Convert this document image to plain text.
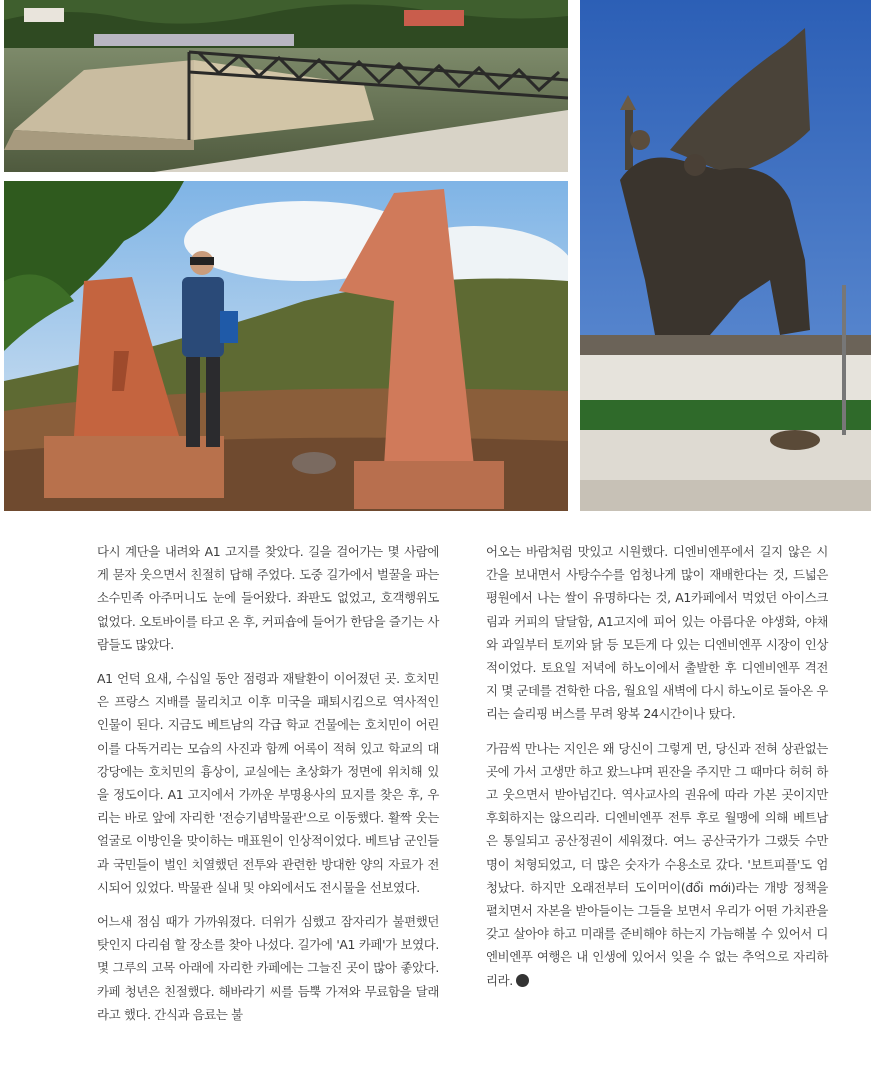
다시 계단을 내려와 A1 고지를 찾았다. 길을 걸어가는 몇 사람에게 묻자 웃으면서 친절히 답해 주었다. 도중 길가에서 벌꿀을 파는 소수민족 아주머니도 눈에 들어왔다. 좌판도 없었고, 호객행위도 없었다. 오토바이를 타고 온 후, 커피숍에 들어가 한담을 즐기는 사람들도 많았다.

A1 언덕 요새, 수십일 동안 점령과 재탈환이 이어졌던 곳. 호치민은 프랑스 지배를 물리치고 이후 미국을 패퇴시킴으로 역사적인 인물이 된다. 지금도 베트남의 각급 학교 건물에는 호치민이 어린이를 다독거리는 모습의 사진과 함께 어록이 적혀 있고 학교의 대강당에는 호치민의 흉상이, 교실에는 초상화가 정면에 위치해 있을 정도이다. A1 고지에서 가까운 부명용사의 묘지를 찾은 후, 우리는 바로 앞에 자리한 '전승기념박물관'으로 이동했다. 활짝 웃는 얼굴로 이방인을 맞이하는 매표원이 인상적이었다. 베트남 군인들과 국민들이 벌인 치열했던 전투와 관련한 방대한 양의 자료가 전시되어 있었다. 박물관 실내 및 야외에서도 전시물을 선보였다.

어느새 점심 때가 가까워졌다. 더위가 심했고 잠자리가 불편했던 탓인지 다리쉼 할 장소를 찾아 나섰다. 길가에 'A1 카페'가 보였다. 몇 그루의 고목 아래에 자리한 카페에는 그늘진 곳이 많아 좋았다. 카페 청년은 친절했다. 해바라기 씨를 듬뿍 가져와 무료함을 달래라고 했다. 간식과 음료는 불

어오는 바람처럼 맛있고 시원했다. 디엔비엔푸에서 길지 않은 시간을 보내면서 사탕수수를 엄청나게 많이 재배한다는 것, 드넓은 평원에서 나는 쌀이 유명하다는 것, A1카페에서 먹었던 아이스크림과 커피의 달달함, A1고지에 피어 있는 아름다운 야생화, 야채와 과일부터 토끼와 닭 등 모든게 다 있는 디엔비엔푸 시장이 인상적이었다. 토요일 저녁에 하노이에서 출발한 후 디엔비엔푸 격전지 몇 군데를 견학한 다음, 월요일 새벽에 다시 하노이로 돌아온 우리는 슬리핑 버스를 무려 왕복 24시간이나 탔다.

가끔씩 만나는 지인은 왜 당신이 그렇게 먼, 당신과 전혀 상관없는 곳에 가서 고생만 하고 왔느냐며 핀잔을 주지만 그 때마다 허허 하고 웃으면서 받아넘긴다. 역사교사의 권유에 따라 가본 곳이지만 후회하지는 않으리라. 디엔비엔푸 전투 후로 월맹에 의해 베트남은 통일되고 공산정권이 세워졌다. 여느 공산국가가 그랬듯 수만 명이 처형되었고, 더 많은 숫자가 수용소로 갔다. '보트피플'도 엄청났다. 하지만 오래전부터 도이머이(đổi mới)라는 개방 정책을 펼치면서 자본을 받아들이는 그들을 보면서 우리가 어떤 가치관을 갖고 살아야 하고 미래를 준비해야 하는지 가늠해볼 수 있어서 디엔비엔푸 여행은 내 인생에 있어서 잊을 수 없는 추억으로 자리하리라.
